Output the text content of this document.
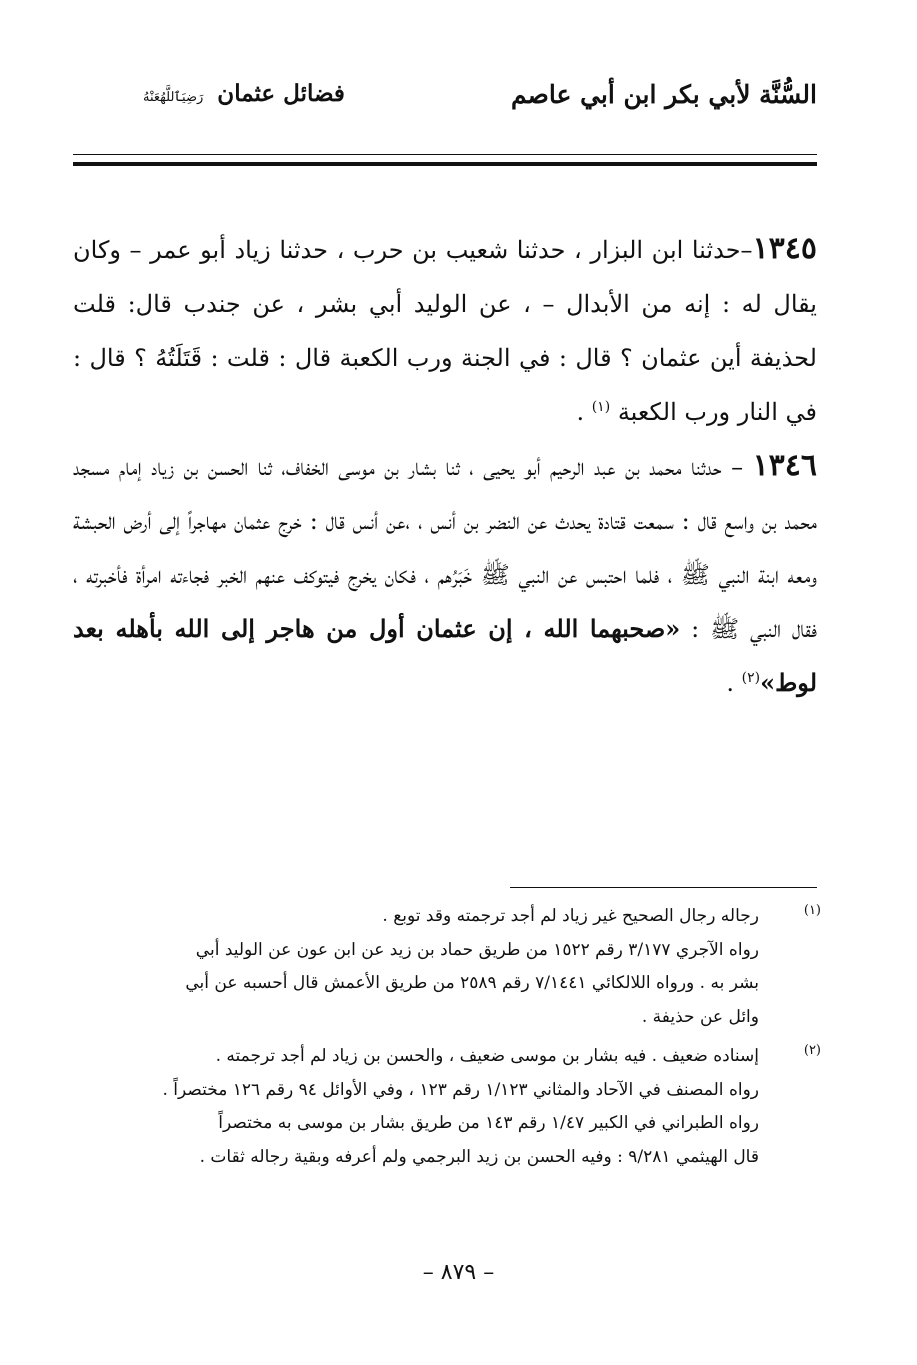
السُّنَّة لأبي بكر ابن أبي عاصم
فضائل عثمان رَضِيَٱللَّهُعَنْهُ

١٣٤٥–حدثنا ابن البزار ، حدثنا شعيب بن حرب ، حدثنا زياد أبو عمر – وكان يقال له : إنه من الأبدال – ، عن الوليد أبي بشر ، عن جندب قال: قلت لحذيفة أين عثمان ؟ قال : في الجنة ورب الكعبة قال : قلت : قَتَلَتُهُ ؟ قال : في النار ورب الكعبة $^{(١)}$ .

١٣٤٦ – حدثنا محمد بن عبد الرحيم أبو يحيى ، ثنا بشار بن موسى الخفاف، ثنا الحسن بن زياد إمام مسجد محمد بن واسع قال : سمعت قتادة يحدث عن النضر بن أنس ، ،عن أنس قال : خرج عثمان مهاجراً إلى أرض الحبشة ومعه ابنة النبي ﷺ ، فلما احتبس عن النبي ﷺ خَبَرُهم ، فكان يخرج فيتوكف عنهم الخبر فجاءته امرأة فأخبرته ، فقال النبي ﷺ : «صحبهما الله ، إن عثمان أول من هاجر إلى الله بأهله بعد لوط»$^{(٢)}$ .

(١)
رجاله رجال الصحيح غير زياد لم أجد ترجمته وقد توبع .
رواه الآجري ٣/١٧٧ رقم ١٥٢٢ من طريق حماد بن زيد عن ابن عون عن الوليد أبي
بشر به . ورواه اللالكائي ٧/١٤٤١ رقم ٢٥٨٩ من طريق الأعمش قال أحسبه عن أبي
وائل عن حذيفة .
(٢)
إسناده ضعيف . فيه بشار بن موسى ضعيف ، والحسن بن زياد لم أجد ترجمته .
رواه المصنف في الآحاد والمثاني ١/١٢٣ رقم ١٢٣ ، وفي الأوائل ٩٤ رقم ١٢٦ مختصراً .
رواه الطبراني في الكبير ١/٤٧ رقم ١٤٣ من طريق بشار بن موسى به مختصراً
قال الهيثمي ٩/٢٨١ : وفيه الحسن بن زيد البرجمي ولم أعرفه وبقية رجاله ثقات .
– ٨٧٩ –
